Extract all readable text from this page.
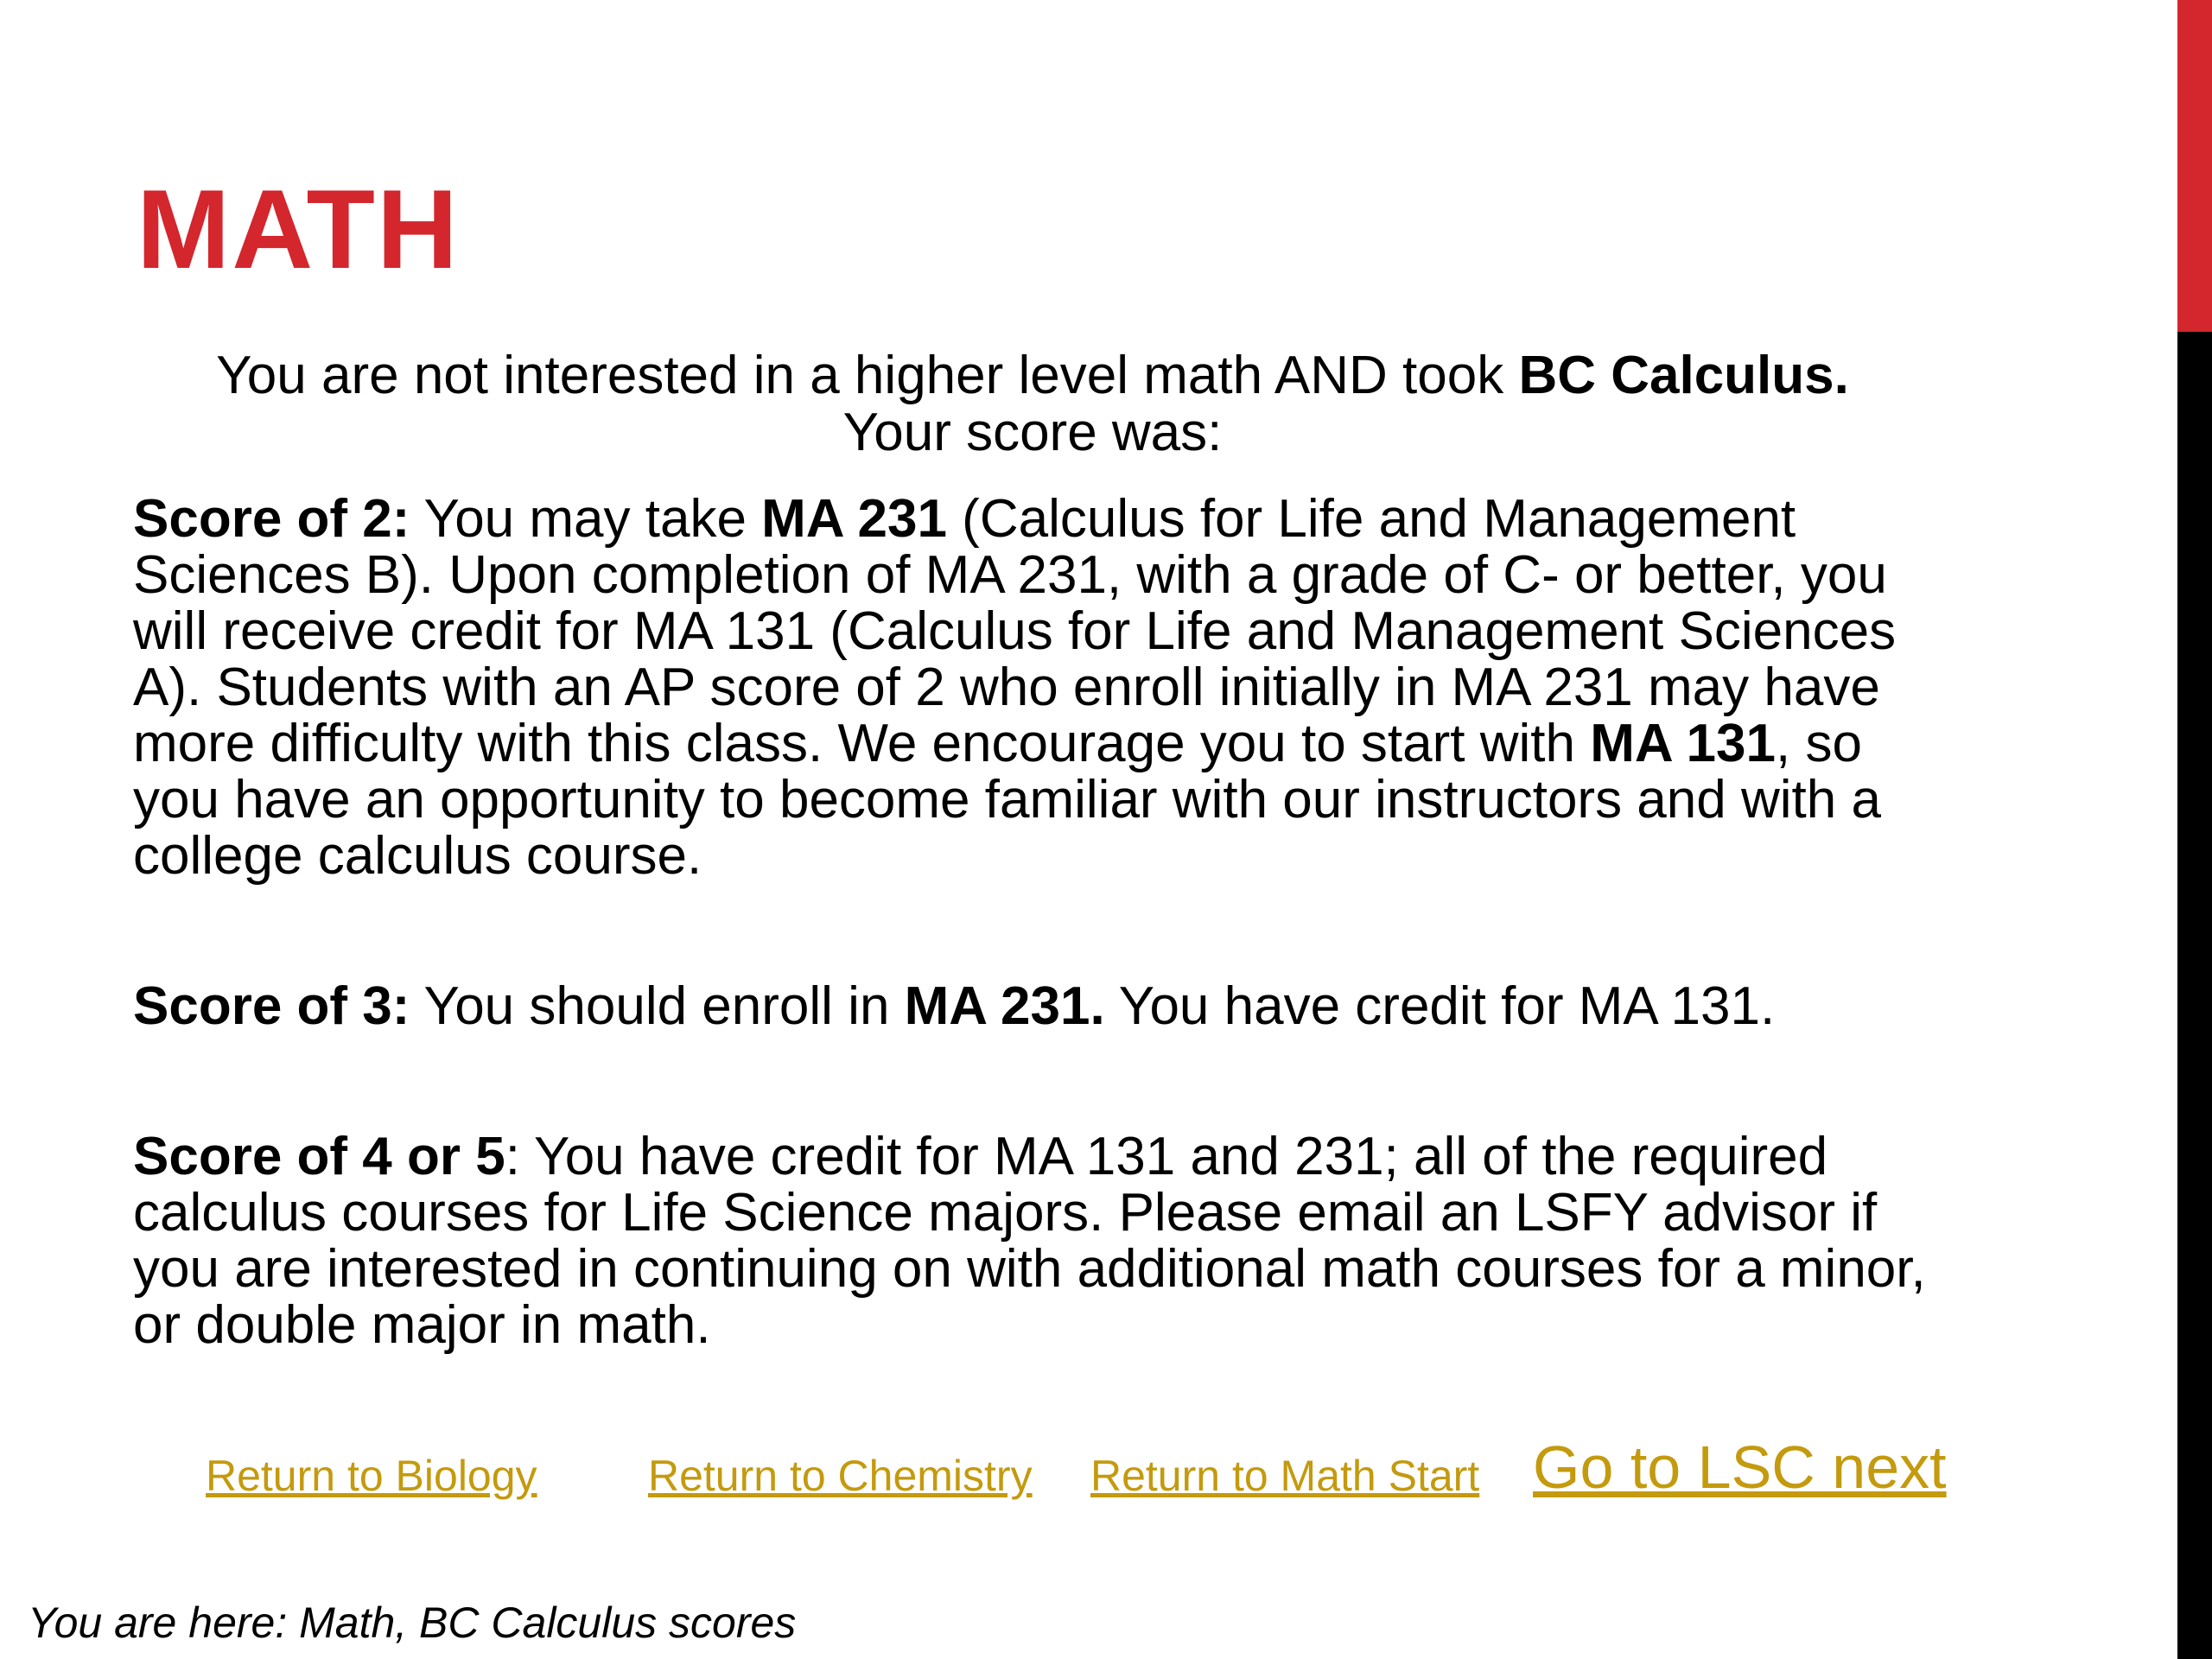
MATH
You are not interested in a higher level math AND took BC Calculus.
Your score was:
Score of 2: You may take MA 231 (Calculus for Life and Management Sciences B). Upon completion of MA 231, with a grade of C- or better, you will receive credit for MA 131 (Calculus for Life and Management Sciences A). Students with an AP score of 2 who enroll initially in MA 231 may have more difficulty with this class. We encourage you to start with MA 131, so you have an opportunity to become familiar with our instructors and with a college calculus course.
Score of 3: You should enroll in MA 231. You have credit for MA 131.
Score of 4 or 5: You have credit for MA 131 and 231; all of the required calculus courses for Life Science majors. Please email an LSFY advisor if you are interested in continuing on with additional math courses for a minor, or double major in math.
Return to Biology	Return to Chemistry Return to Math Start Go to LSC next
You are here: Math, BC Calculus scores
